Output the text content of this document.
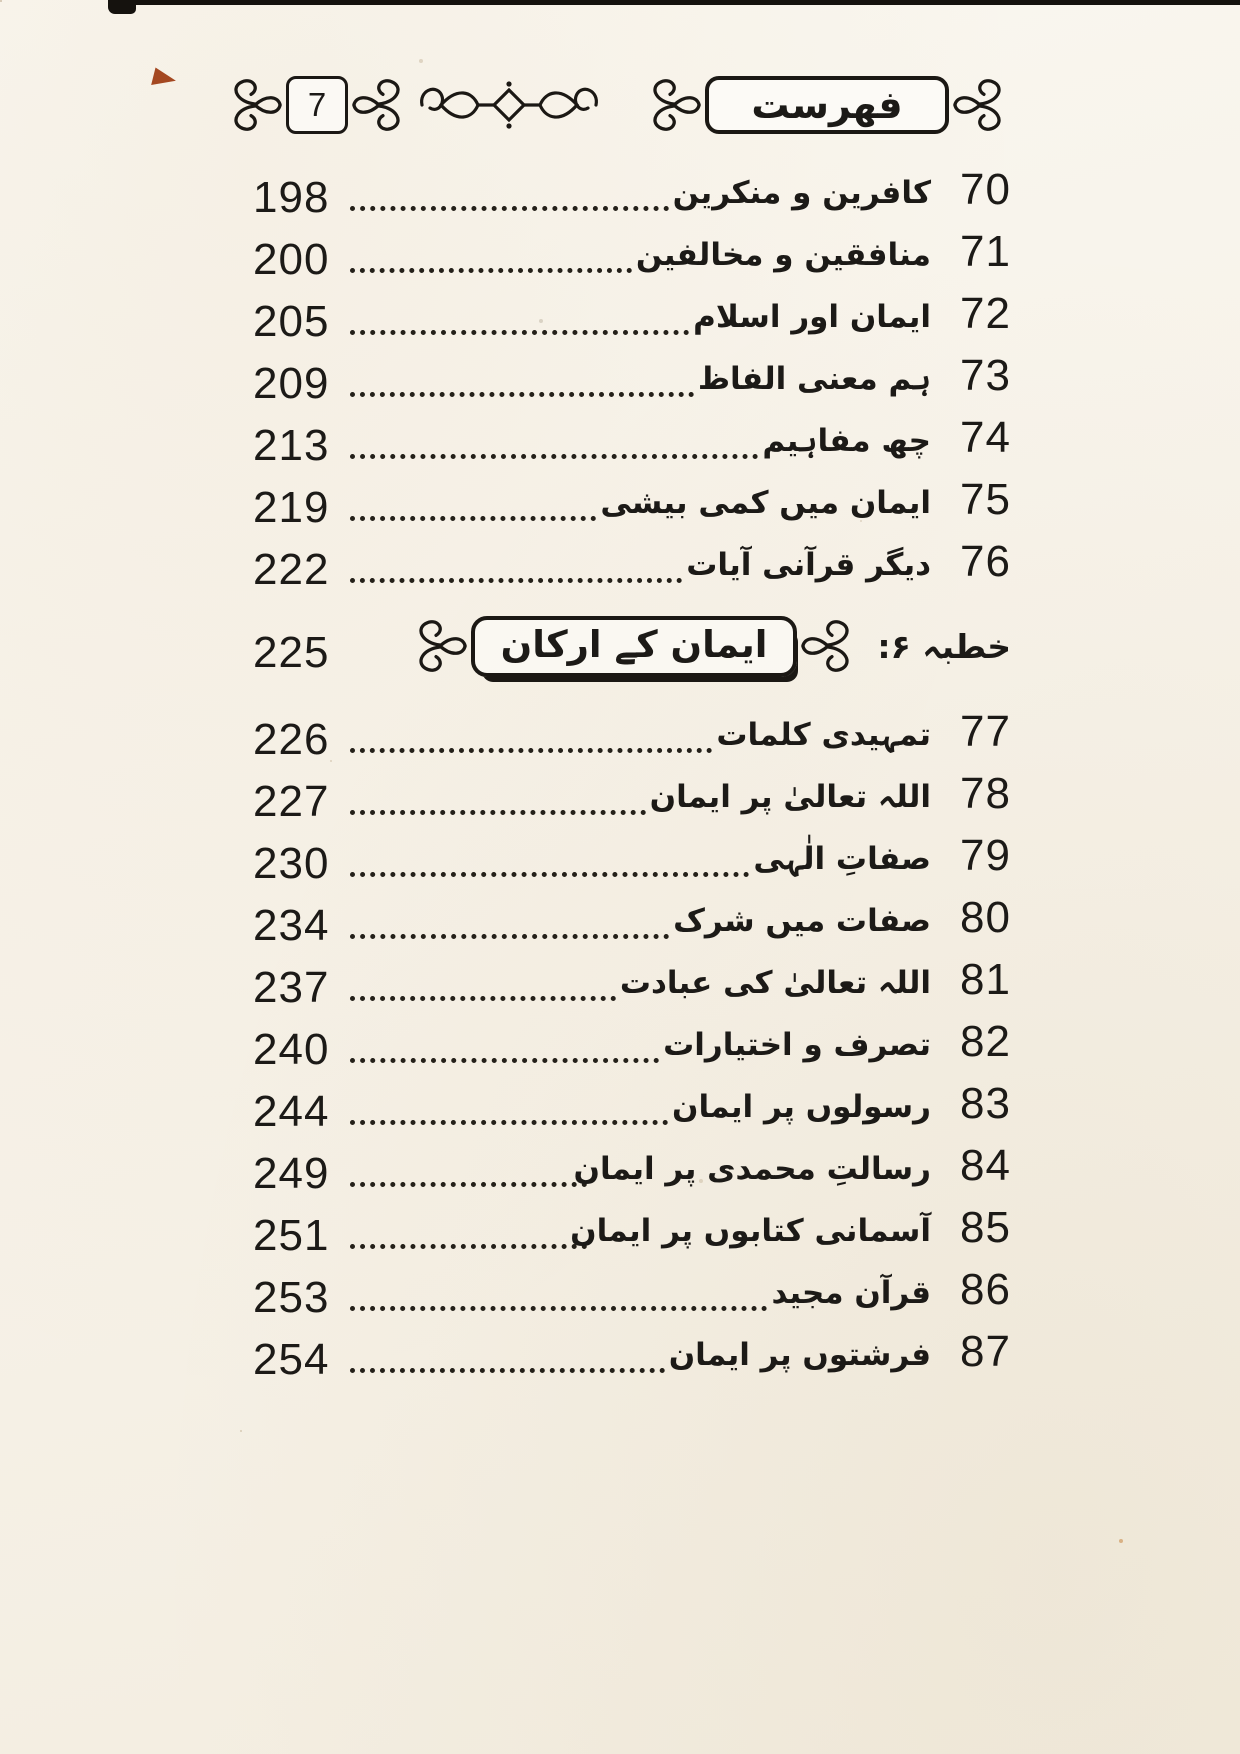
7	فهرست
198	کافرین و منکرین 70
200	منافقین و مخالفین 71
205	ایمان اور اسلام 72
209	ہم معنی الفاظ 73
213	چھ مفاہیم 74
219	ایمان میں کمی بیشی 75
222	دیگر قرآنی آیات 76
225	ایمان کے ارکان	خطبہ ۶:
226	تمہیدی کلمات 77
227	اللہ تعالیٰ پر ایمان 78
230	صفاتِ الٰہی 79
234	صفات میں شرک 80
237	اللہ تعالیٰ کی عبادت 81
240	تصرف و اختیارات 82
244	رسولوں پر ایمان 83
249	رسالتِ محمدی پر ایمان 84
251	آسمانی کتابوں پر ایمان 85
253	قرآن مجید 86
254	فرشتوں پر ایمان 87
